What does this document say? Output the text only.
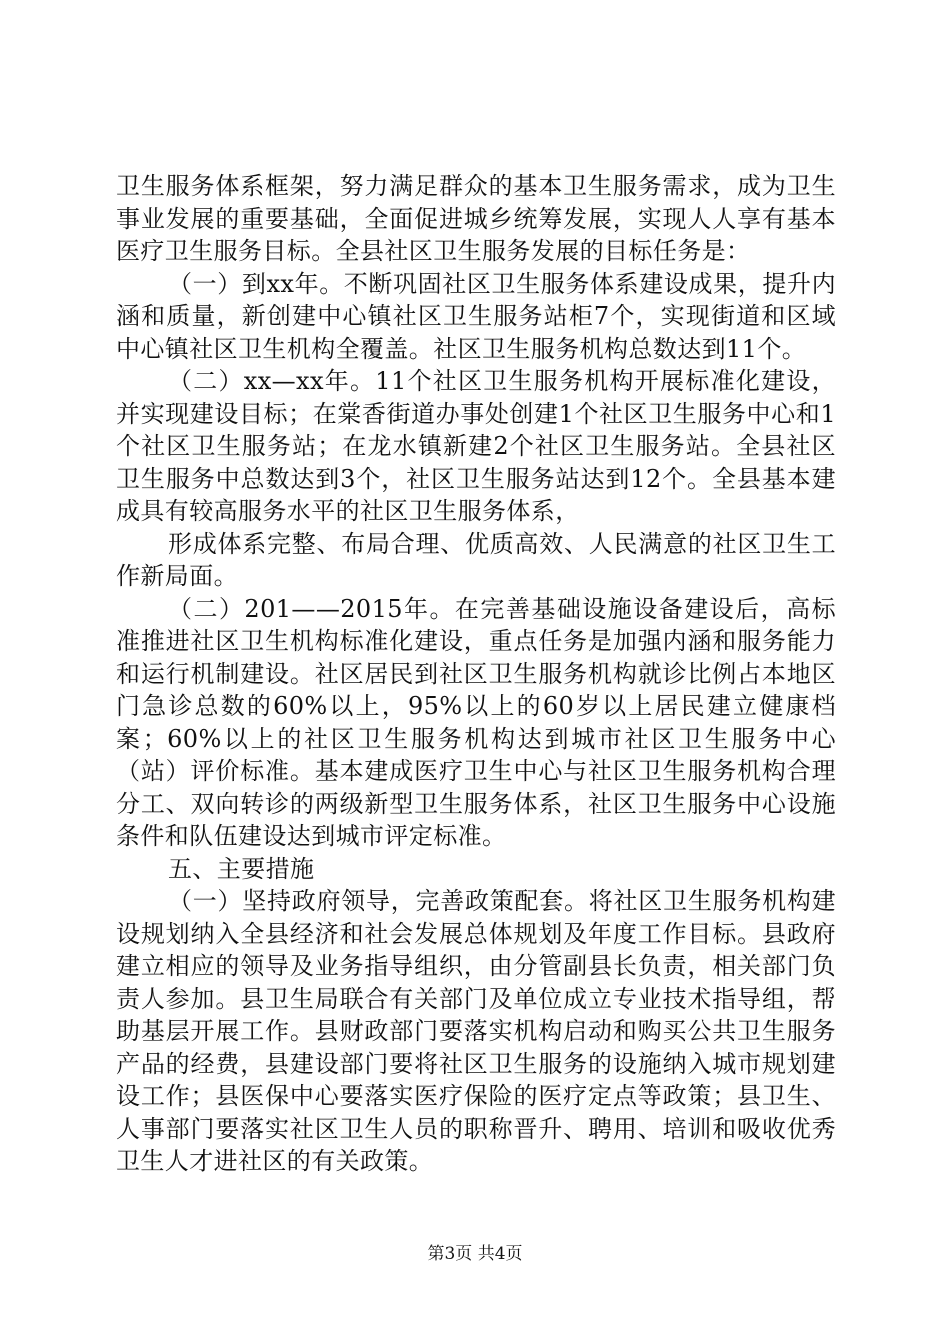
卫生服务体系框架，努力满足群众的基本卫生服务需求，成为卫生事业发展的重要基础，全面促进城乡统筹发展，实现人人享有基本医疗卫生服务目标。全县社区卫生服务发展的目标任务是：

（一）到xx年。不断巩固社区卫生服务体系建设成果，提升内涵和质量，新创建中心镇社区卫生服务站柜7个，实现街道和区域中心镇社区卫生机构全覆盖。社区卫生服务机构总数达到11个。

（二）xx—xx年。11个社区卫生服务机构开展标准化建设，并实现建设目标；在棠香街道办事处创建1个社区卫生服务中心和1个社区卫生服务站；在龙水镇新建2个社区卫生服务站。全县社区卫生服务中总数达到3个，社区卫生服务站达到12个。全县基本建成具有较高服务水平的社区卫生服务体系，

形成体系完整、布局合理、优质高效、人民满意的社区卫生工作新局面。

（二）201——2015年。在完善基础设施设备建设后，高标准推进社区卫生机构标准化建设，重点任务是加强内涵和服务能力和运行机制建设。社区居民到社区卫生服务机构就诊比例占本地区门急诊总数的60%以上，95%以上的60岁以上居民建立健康档案；60%以上的社区卫生服务机构达到城市社区卫生服务中心（站）评价标准。基本建成医疗卫生中心与社区卫生服务机构合理分工、双向转诊的两级新型卫生服务体系，社区卫生服务中心设施条件和队伍建设达到城市评定标准。

五、主要措施

（一）坚持政府领导，完善政策配套。将社区卫生服务机构建设规划纳入全县经济和社会发展总体规划及年度工作目标。县政府建立相应的领导及业务指导组织，由分管副县长负责，相关部门负责人参加。县卫生局联合有关部门及单位成立专业技术指导组，帮助基层开展工作。县财政部门要落实机构启动和购买公共卫生服务产品的经费，县建设部门要将社区卫生服务的设施纳入城市规划建设工作；县医保中心要落实医疗保险的医疗定点等政策；县卫生、人事部门要落实社区卫生人员的职称晋升、聘用、培训和吸收优秀卫生人才进社区的有关政策。

第3页 共4页
